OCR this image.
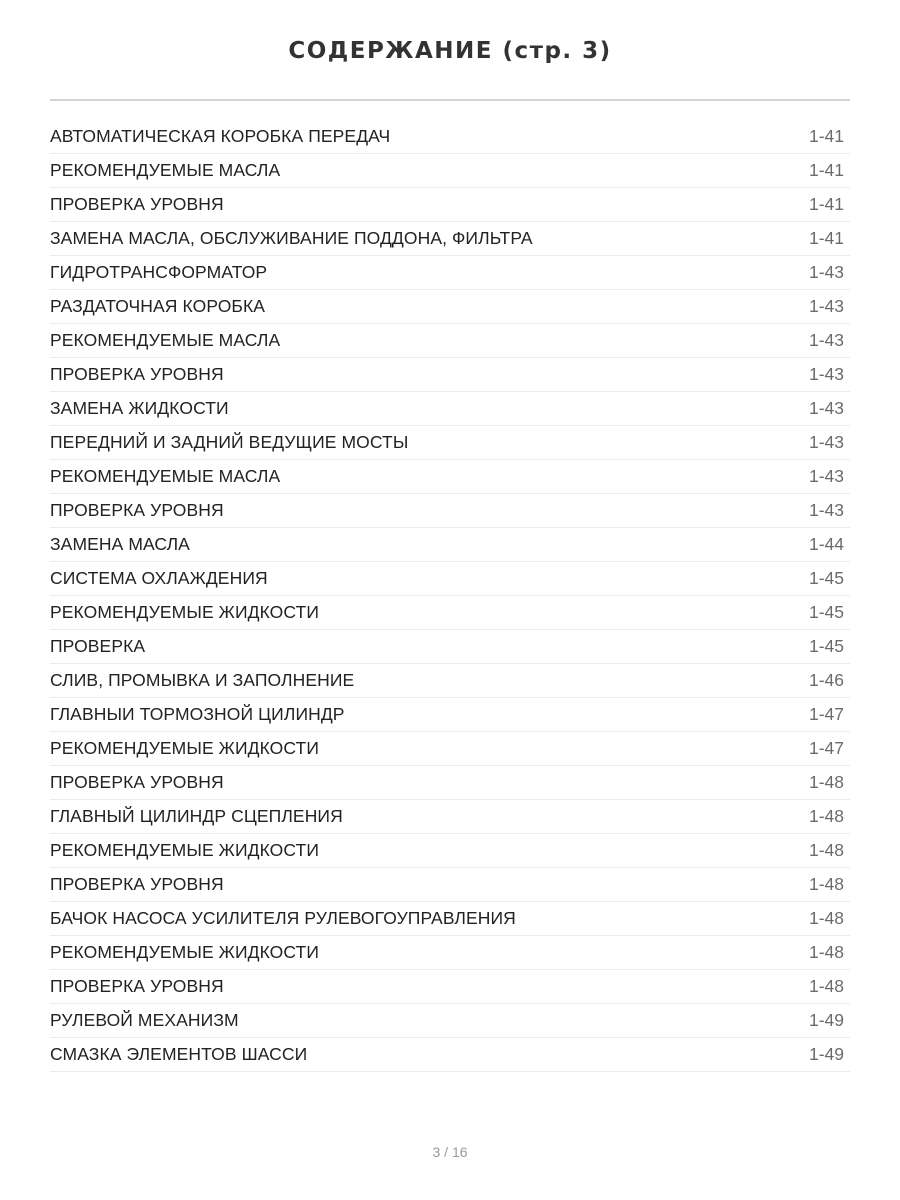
СОДЕРЖАНИЕ (стр. 3)
АВТОМАТИЧЕСКАЯ КОРОБКА ПЕРЕДАЧ	1-41
РЕКОМЕНДУЕМЫЕ МАСЛА	1-41
ПРОВЕРКА УРОВНЯ	1-41
ЗАМЕНА МАСЛА, ОБСЛУЖИВАНИЕ ПОДДОНА, ФИЛЬТРА	1-41
ГИДРОТРАНСФОРМАТОР	1-43
РАЗДАТОЧНАЯ КОРОБКА	1-43
РЕКОМЕНДУЕМЫЕ МАСЛА	1-43
ПРОВЕРКА УРОВНЯ	1-43
ЗАМЕНА ЖИДКОСТИ	1-43
ПЕРЕДНИЙ И ЗАДНИЙ ВЕДУЩИЕ МОСТЫ	1-43
РЕКОМЕНДУЕМЫЕ МАСЛА	1-43
ПРОВЕРКА УРОВНЯ	1-43
ЗАМЕНА МАСЛА	1-44
СИСТЕМА ОХЛАЖДЕНИЯ	1-45
РЕКОМЕНДУЕМЫЕ ЖИДКОСТИ	1-45
ПРОВЕРКА	1-45
СЛИВ, ПРОМЫВКА И ЗАПОЛНЕНИЕ	1-46
ГЛАВНЫИ ТОРМОЗНОЙ ЦИЛИНДР	1-47
РЕКОМЕНДУЕМЫЕ ЖИДКОСТИ	1-47
ПРОВЕРКА УРОВНЯ	1-48
ГЛАВНЫЙ ЦИЛИНДР СЦЕПЛЕНИЯ	1-48
РЕКОМЕНДУЕМЫЕ ЖИДКОСТИ	1-48
ПРОВЕРКА УРОВНЯ	1-48
БАЧОК НАСОСА УСИЛИТЕЛЯ РУЛЕВОГОУПРАВЛЕНИЯ	1-48
РЕКОМЕНДУЕМЫЕ ЖИДКОСТИ	1-48
ПРОВЕРКА УРОВНЯ	1-48
РУЛЕВОЙ МЕХАНИЗМ	1-49
СМАЗКА ЭЛЕМЕНТОВ ШАССИ	1-49
3 / 16
